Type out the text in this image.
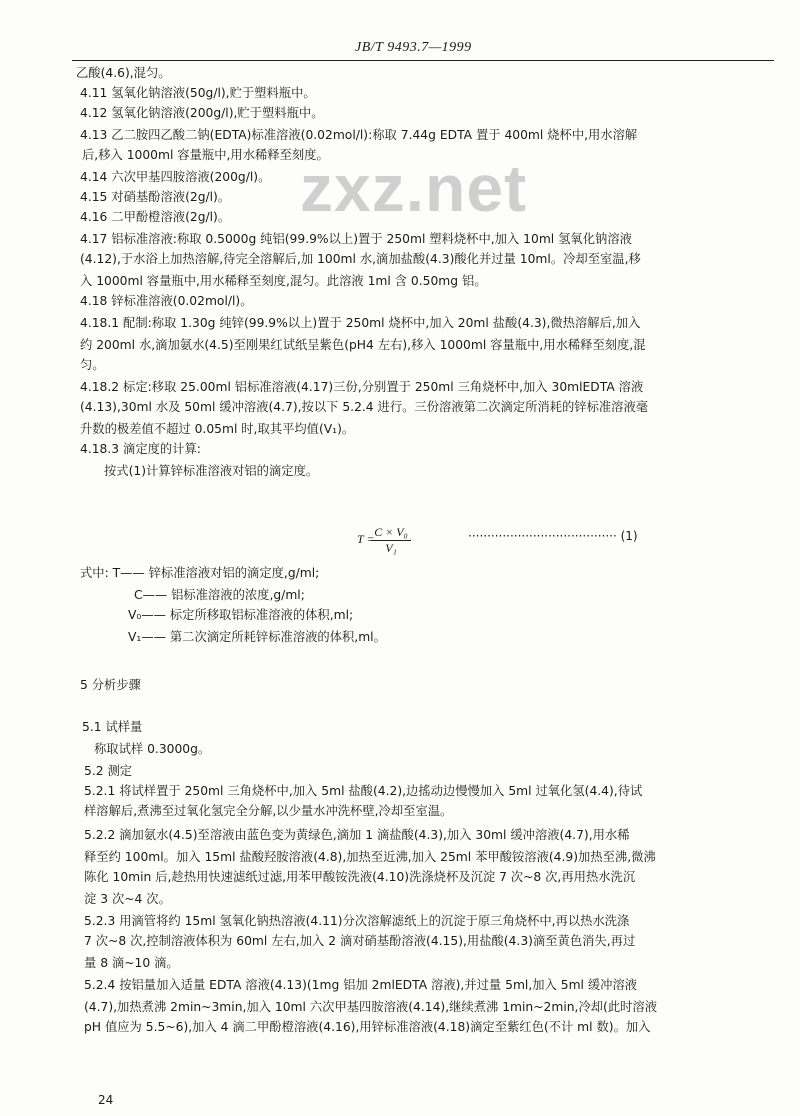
JB/T 9493.7—1999
zxz.net
乙酸(4.6),混匀。
4.11 氢氧化钠溶液(50g/l),贮于塑料瓶中。
4.12 氢氧化钠溶液(200g/l),贮于塑料瓶中。
4.13 乙二胺四乙酸二钠(EDTA)标准溶液(0.02mol/l):称取 7.44g EDTA 置于 400ml 烧杯中,用水溶解
后,移入 1000ml 容量瓶中,用水稀释至刻度。
4.14 六次甲基四胺溶液(200g/l)。
4.15 对硝基酚溶液(2g/l)。
4.16 二甲酚橙溶液(2g/l)。
4.17 铝标准溶液:称取 0.5000g 纯铝(99.9%以上)置于 250ml 塑料烧杯中,加入 10ml 氢氧化钠溶液
(4.12),于水浴上加热溶解,待完全溶解后,加 100ml 水,滴加盐酸(4.3)酸化并过量 10ml。冷却至室温,移
入 1000ml 容量瓶中,用水稀释至刻度,混匀。此溶液 1ml 含 0.50mg 铝。
4.18 锌标准溶液(0.02mol/l)。
4.18.1 配制:称取 1.30g 纯锌(99.9%以上)置于 250ml 烧杯中,加入 20ml 盐酸(4.3),微热溶解后,加入
约 200ml 水,滴加氨水(4.5)至刚果红试纸呈紫色(pH4 左右),移入 1000ml 容量瓶中,用水稀释至刻度,混
匀。
4.18.2 标定:移取 25.00ml 铝标准溶液(4.17)三份,分别置于 250ml 三角烧杯中,加入 30mlEDTA 溶液
(4.13),30ml 水及 50ml 缓冲溶液(4.7),按以下 5.2.4 进行。三份溶液第二次滴定所消耗的锌标准溶液毫
升数的极差值不超过 0.05ml 时,取其平均值(V₁)。
4.18.3 滴定度的计算:
按式(1)计算锌标准溶液对铝的滴定度。
式中: T—— 锌标准溶液对铝的滴定度,g/ml;
C—— 铝标准溶液的浓度,g/ml;
V₀—— 标定所移取铝标准溶液的体积,ml;
V₁—— 第二次滴定所耗锌标准溶液的体积,ml。
5 分析步骤
5.1 试样量
称取试样 0.3000g。
5.2 测定
5.2.1 将试样置于 250ml 三角烧杯中,加入 5ml 盐酸(4.2),边搖动边慢慢加入 5ml 过氧化氢(4.4),待试
样溶解后,煮沸至过氧化氢完全分解,以少量水冲洗杯壁,冷却至室温。
5.2.2 滴加氨水(4.5)至溶液由蓝色变为黄绿色,滴加 1 滴盐酸(4.3),加入 30ml 缓冲溶液(4.7),用水稀
释至约 100ml。加入 15ml 盐酸羟胺溶液(4.8),加热至近沸,加入 25ml 苯甲酸铵溶液(4.9)加热至沸,微沸
陈化 10min 后,趁热用快速滤纸过滤,用苯甲酸铵洗液(4.10)洗涤烧杯及沉淀 7 次~8 次,再用热水洗沉
淀 3 次~4 次。
5.2.3 用滴管将约 15ml 氢氧化钠热溶液(4.11)分次溶解滤纸上的沉淀于原三角烧杯中,再以热水洗涤
7 次~8 次,控制溶液体积为 60ml 左右,加入 2 滴对硝基酚溶液(4.15),用盐酸(4.3)滴至黄色消失,再过
量 8 滴~10 滴。
5.2.4 按铝量加入适量 EDTA 溶液(4.13)(1mg 铝加 2mlEDTA 溶液),并过量 5ml,加入 5ml 缓冲溶液
(4.7),加热煮沸 2min~3min,加入 10ml 六次甲基四胺溶液(4.14),继续煮沸 1min~2min,冷却(此时溶液
pH 值应为 5.5~6),加入 4 滴二甲酚橙溶液(4.16),用锌标准溶液(4.18)滴定至紫红色(不计 ml 数)。加入
T = C × V₀
V₁
······································· (1)
24
